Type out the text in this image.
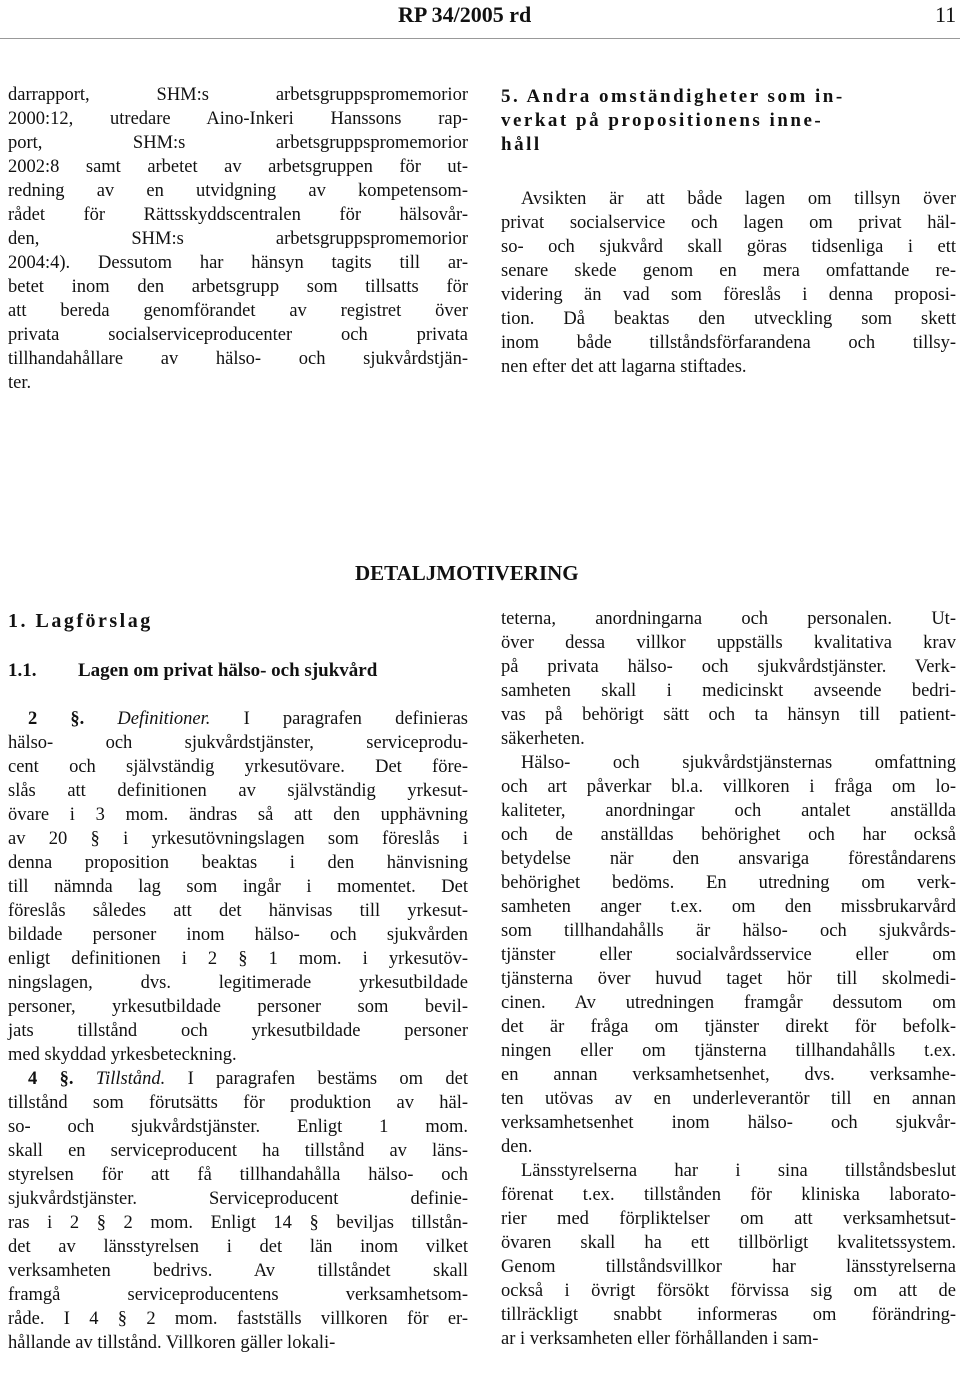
RP 34/2005 rd	11
darrapport, SHM:s arbetsgruppspromemorior
2000:12, utredare Aino-Inkeri Hanssons rap-
port, SHM:s arbetsgruppspromemorior
2002:8 samt arbetet av arbetsgruppen för ut-
redning av en utvidgning av kompetensom-
rådet för Rättsskyddscentralen för hälsovår-
den, SHM:s arbetsgruppspromemorior
2004:4). Dessutom har hänsyn tagits till ar-
betet inom den arbetsgrupp som tillsatts för
att bereda genomförandet av registret över
privata socialserviceproducenter och privata
tillhandahållare av hälso- och sjukvårdstjän-
ter.
5. Andra omständigheter som in-
verkat på propositionens inne-
håll
Avsikten är att både lagen om tillsyn över
privat socialservice och lagen om privat häl-
so- och sjukvård skall göras tidsenliga i ett
senare skede genom en mera omfattande re-
videring än vad som föreslås i denna proposi-
tion. Då beaktas den utveckling som skett
inom både tillståndsförfarandena och tillsy-
nen efter det att lagarna stiftades.
DETALJMOTIVERING
1. Lagförslag
1.1. Lagen om privat hälso- och sjukvård
2 §. Definitioner. I paragrafen definieras
hälso- och sjukvårdstjänster, serviceprodu-
cent och självständig yrkesutövare. Det före-
slås att definitionen av självständig yrkesut-
övare i 3 mom. ändras så att den upphävning
av 20 § i yrkesutövningslagen som föreslås i
denna proposition beaktas i den hänvisning
till nämnda lag som ingår i momentet. Det
föreslås således att det hänvisas till yrkesut-
bildade personer inom hälso- och sjukvården
enligt definitionen i 2 § 1 mom. i yrkesutöv-
ningslagen, dvs. legitimerade yrkesutbildade
personer, yrkesutbildade personer som bevil-
jats tillstånd och yrkesutbildade personer
med skyddad yrkesbeteckning.
4 §. Tillstånd. I paragrafen bestäms om det
tillstånd som förutsätts för produktion av häl-
so- och sjukvårdstjänster. Enligt 1 mom.
skall en serviceproducent ha tillstånd av läns-
styrelsen för att få tillhandahålla hälso- och
sjukvårdstjänster. Serviceproducent definie-
ras i 2 § 2 mom. Enligt 14 § beviljas tillstån-
det av länsstyrelsen i det län inom vilket
verksamheten bedrivs. Av tillståndet skall
framgå serviceproducentens verksamhetsom-
råde. I 4 § 2 mom. fastställs villkoren för er-
hållande av tillstånd. Villkoren gäller lokali-
teterna, anordningarna och personalen. Ut-
över dessa villkor uppställs kvalitativa krav
på privata hälso- och sjukvårdstjänster. Verk-
samheten skall i medicinskt avseende bedri-
vas på behörigt sätt och ta hänsyn till patient-
säkerheten.
Hälso- och sjukvårdstjänsternas omfattning
och art påverkar bl.a. villkoren i fråga om lo-
kaliteter, anordningar och antalet anställda
och de anställdas behörighet och har också
betydelse när den ansvariga föreståndarens
behörighet bedöms. En utredning om verk-
samheten anger t.ex. om den missbrukarvård
som tillhandahålls är hälso- och sjukvårds-
tjänster eller socialvårdsservice eller om
tjänsterna över huvud taget hör till skolmedi-
cinen. Av utredningen framgår dessutom om
det är fråga om tjänster direkt för befolk-
ningen eller om tjänsterna tillhandahålls t.ex.
en annan verksamhetsenhet, dvs. verksamhe-
ten utövas av en underleverantör till en annan
verksamhetsenhet inom hälso- och sjukvår-
den.
Länsstyrelserna har i sina tillståndsbeslut
förenat t.ex. tillstånden för kliniska laborato-
rier med förpliktelser om att verksamhetsut-
övaren skall ha ett tillbörligt kvalitetssystem.
Genom tillståndsvillkor har länsstyrelserna
också i övrigt försökt förvissa sig om att de
tillräckligt snabbt informeras om förändring-
ar i verksamheten eller förhållanden i sam-
